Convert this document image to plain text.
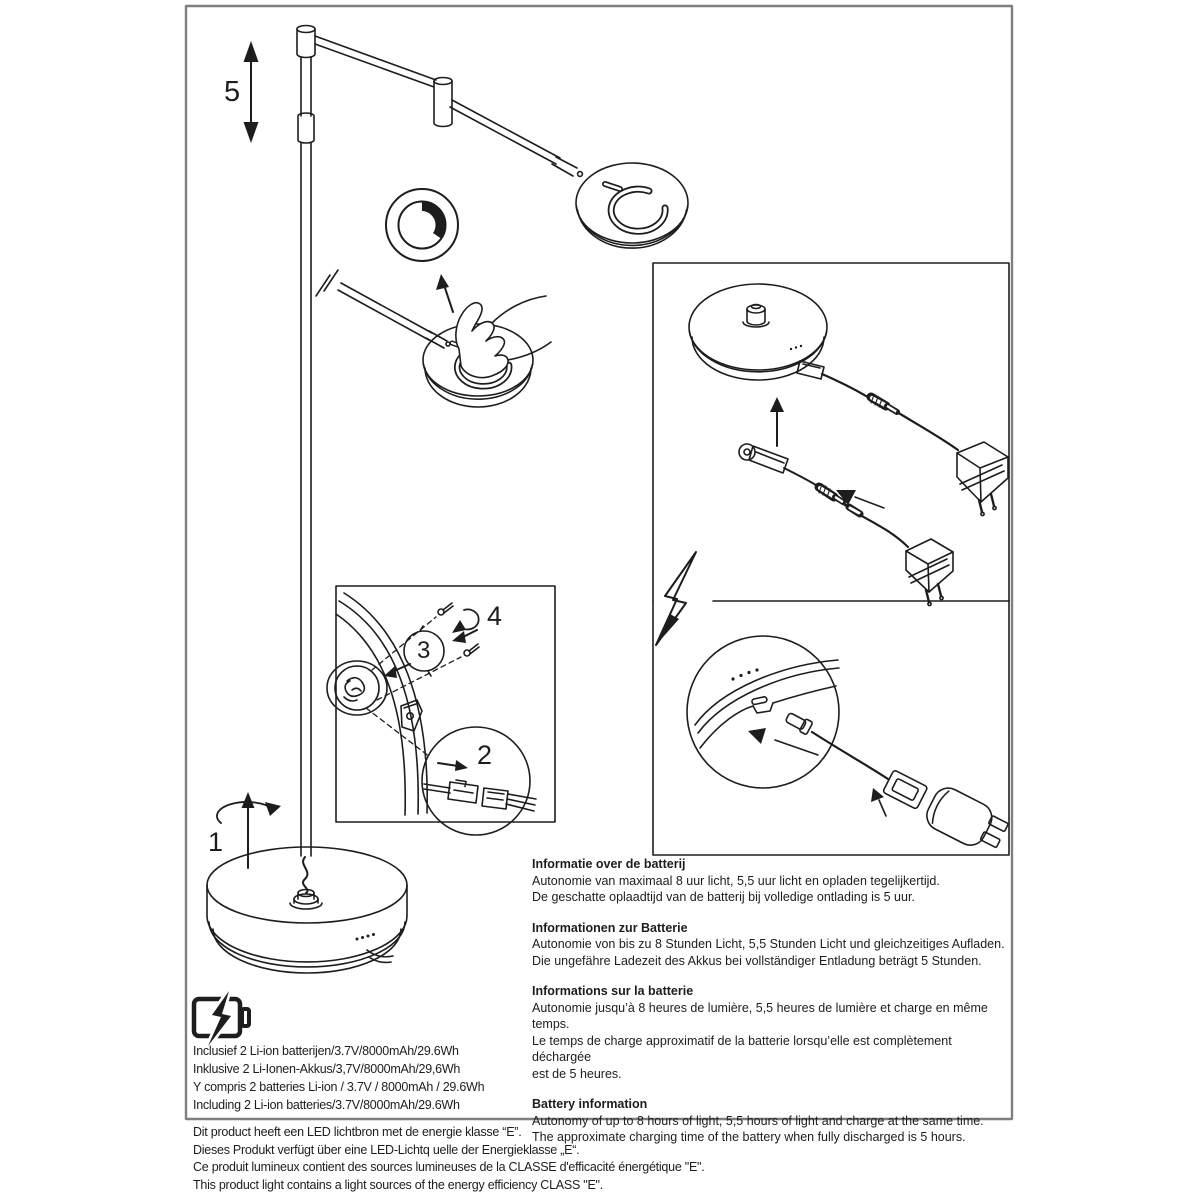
5
1
2
3
4
Informatie over de batterij
Autonomie van maximaal 8 uur licht, 5,5 uur licht en opladen tegelijkertijd.
De geschatte oplaadtijd van de batterij bij volledige ontlading is 5 uur.
Informationen zur Batterie
Autonomie von bis zu 8 Stunden Licht, 5,5 Stunden Licht und gleichzeitiges Aufladen.
Die ungefähre Ladezeit des Akkus bei vollständiger Entladung beträgt 5 Stunden.
Informations sur la batterie
Autonomie jusqu’à 8 heures de lumière, 5,5 heures de lumière et charge en même temps.
Le temps de charge approximatif de la batterie lorsqu’elle est complètement déchargée
est de 5 heures.
Battery information
Autonomy of up to 8 hours of light, 5,5 hours of light and charge at the same time.
The approximate charging time of the battery when fully discharged is 5 hours.
Inclusief 2 Li-ion batterijen/3.7V/8000mAh/29.6Wh
Inklusive 2 Li-Ionen-Akkus/3,7V/8000mAh/29,6Wh
Y compris 2 batteries Li-ion / 3.7V / 8000mAh / 29.6Wh
Including 2 Li-ion batteries/3.7V/8000mAh/29.6Wh
Dit product heeft een LED lichtbron met de energie klasse “E”.
Dieses Produkt verfügt über eine LED-Lichtq uelle der Energieklasse „E“.
Ce produit lumineux contient des sources lumineuses de la CLASSE d'efficacité énergétique "E".
This product light contains a light sources of the energy efficiency CLASS "E".
